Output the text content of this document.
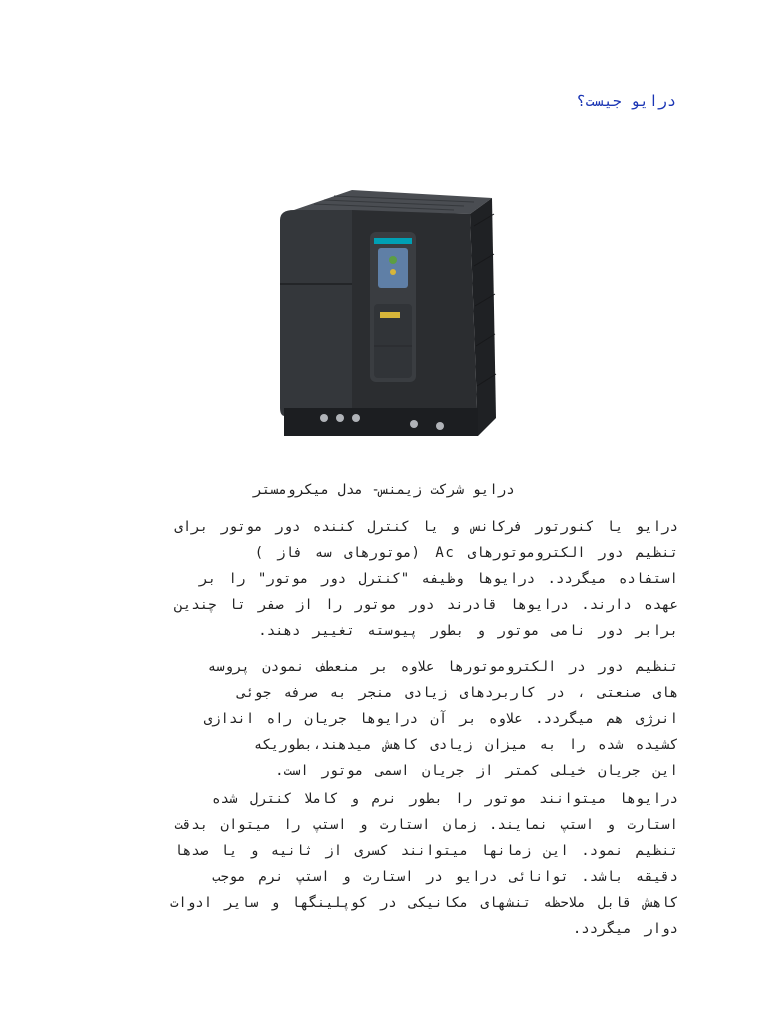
درایو جیست؟
درایو شرکت زیمنس- مدل میکرومستر
درایو یا کنورتور فرکانس و یا کنترل کننده دور موتور برای
تنظیم دور الکتروموتورهای Ac (موتورهای سه فاز )
استفاده میگردد. درایوها وظیفه "کنترل دور موتور" را بر
عهده دارند. درایوها قادرند دور موتور را از صفر تا چندین
برابر دور نامی موتور و بطور پیوسته تغییر دهند.
تنظیم دور در الکتروموتورها علاوه بر منعطف نمودن پروسه
های صنعتی ، در کاربردهای زیادی منجر به صرفه جوئی
انرژی هم میگردد. علاوه بر آن درایوها جریان راه اندازی
کشیده شده را به میزان زیادی کاهش میدهند،بطوریکه
این جریان خیلی کمتر از جریان اسمی موتور است.
درایوها میتوانند موتور را بطور نرم و کاملا کنترل شده
استارت و استپ نمایند. زمان استارت و استپ را میتوان بدقت
تنظیم نمود. این زمانها میتوانند کسری از ثانیه و یا صدها
دقیقه باشد. توانائی درایو در استارت و استپ نرم موجب
کاهش قابل ملاحظه تنشهای مکانیکی در کوپلینگها و سایر ادوات
دوار میگردد.
